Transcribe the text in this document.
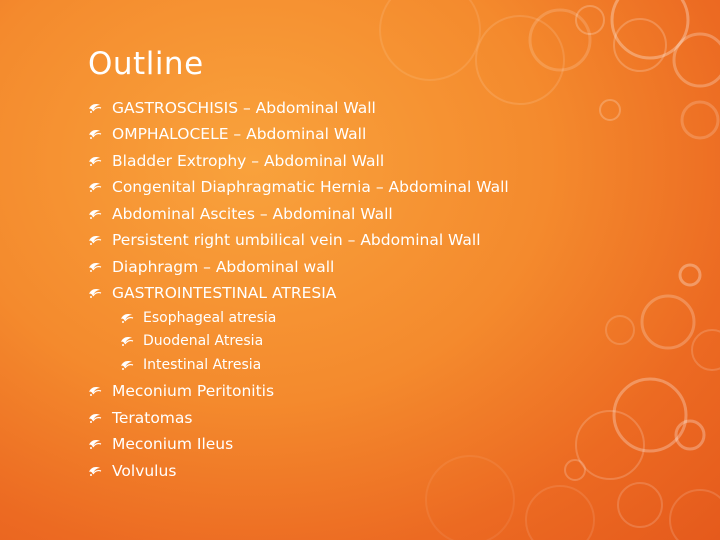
Outline
GASTROSCHISIS – Abdominal Wall
OMPHALOCELE – Abdominal Wall
Bladder Extrophy – Abdominal Wall
Congenital Diaphragmatic Hernia – Abdominal Wall
Abdominal Ascites – Abdominal Wall
Persistent right umbilical vein – Abdominal Wall
Diaphragm – Abdominal wall
GASTROINTESTINAL ATRESIA
Esophageal atresia
Duodenal Atresia
Intestinal Atresia
Meconium Peritonitis
Teratomas
Meconium Ileus
Volvulus
